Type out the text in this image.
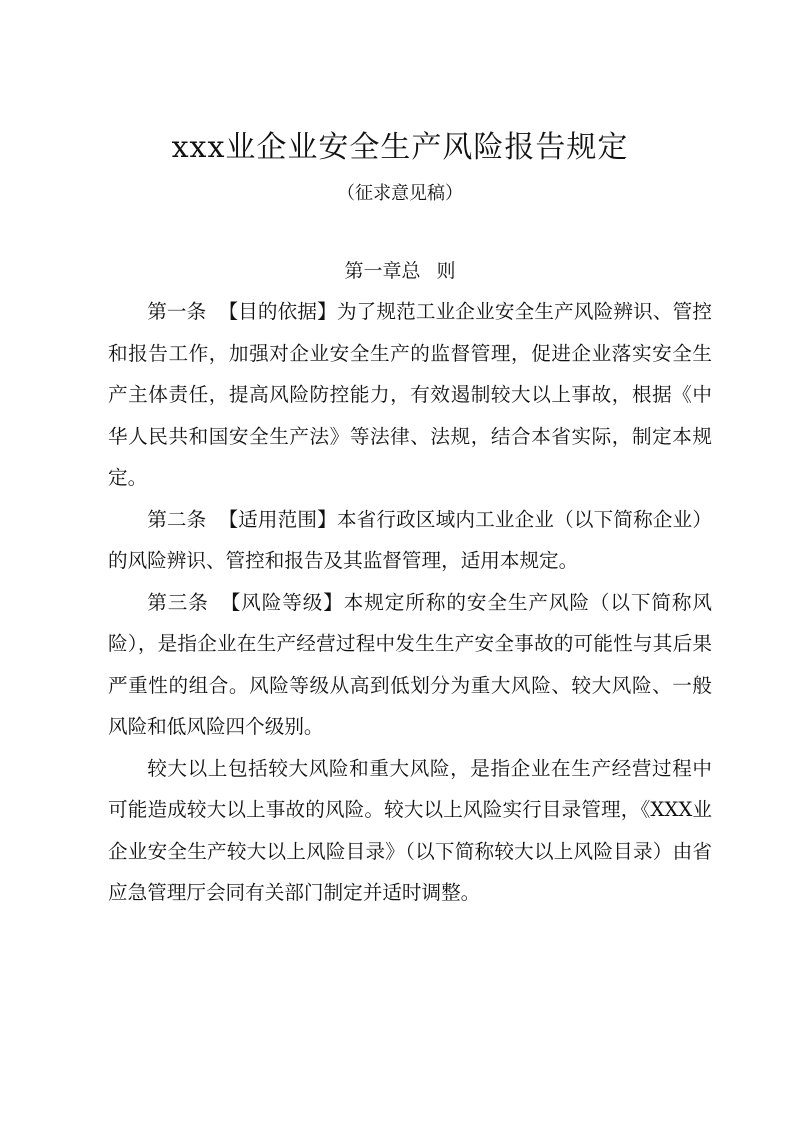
xxx业企业安全生产风险报告规定
（征求意见稿）
第一章总 则

第一条 【目的依据】为了规范工业企业安全生产风险辨识、管控和报告工作，加强对企业安全生产的监督管理，促进企业落实安全生产主体责任，提高风险防控能力，有效遏制较大以上事故，根据《中华人民共和国安全生产法》等法律、法规，结合本省实际，制定本规定。

第二条 【适用范围】本省行政区域内工业企业（以下简称企业）的风险辨识、管控和报告及其监督管理，适用本规定。

第三条 【风险等级】本规定所称的安全生产风险（以下简称风险），是指企业在生产经营过程中发生生产安全事故的可能性与其后果严重性的组合。风险等级从高到低划分为重大风险、较大风险、一般风险和低风险四个级别。

较大以上包括较大风险和重大风险，是指企业在生产经营过程中可能造成较大以上事故的风险。较大以上风险实行目录管理，《XXX业企业安全生产较大以上风险目录》（以下简称较大以上风险目录）由省应急管理厅会同有关部门制定并适时调整。
